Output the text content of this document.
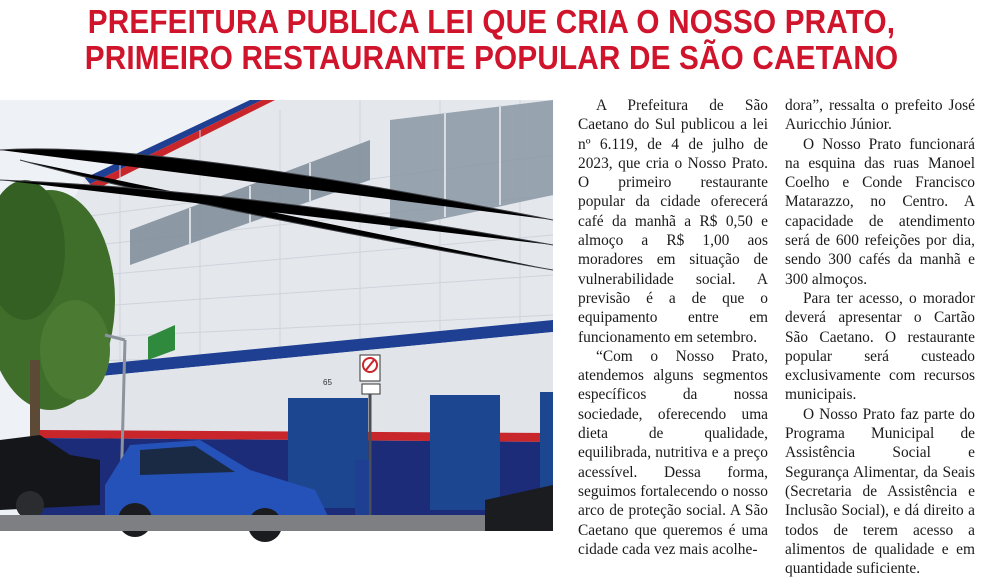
PREFEITURA PUBLICA LEI QUE CRIA O NOSSO PRATO,
PRIMEIRO RESTAURANTE POPULAR DE SÃO CAETANO
65

A Prefeitura de São Caetano do Sul publicou a lei nº 6.119, de 4 de julho de 2023, que cria o Nosso Prato. O primeiro restaurante popular da cidade oferecerá café da manhã a R$ 0,50 e almoço a R$ 1,00 aos moradores em situação de vulnerabilidade social. A previsão é a de que o equipamento entre em funcionamento em setembro.

“Com o Nosso Prato, atendemos alguns segmentos específicos da nossa sociedade, oferecendo uma dieta de qualidade, equilibrada, nutritiva e a preço acessível. Dessa forma, seguimos fortalecendo o nosso arco de proteção social. A São Caetano que queremos é uma cidade cada vez mais acolhe-

dora”, ressalta o prefeito José Auricchio Júnior.

O Nosso Prato funcionará na esquina das ruas Manoel Coelho e Conde Francisco Matarazzo, no Centro. A capacidade de atendimento será de 600 refeições por dia, sendo 300 cafés da manhã e 300 almoços.

Para ter acesso, o morador deverá apresentar o Cartão São Caetano. O restaurante popular será custeado exclusivamente com recursos municipais.

O Nosso Prato faz parte do Programa Municipal de Assistência Social e Segurança Alimentar, da Seais (Secretaria de Assistência e Inclusão Social), e dá direito a todos de terem acesso a alimentos de qualidade e em quantidade suficiente.
